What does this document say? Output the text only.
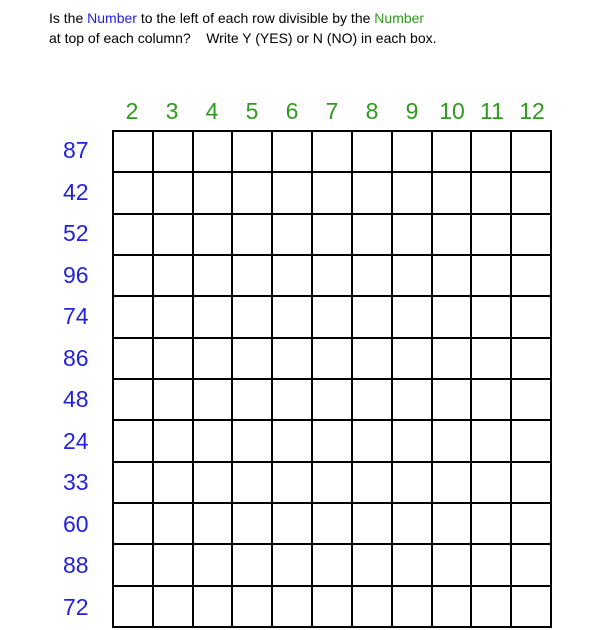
Is the Number to the left of each row divisible by the Number
at top of each column?    Write Y (YES) or N (NO) in each box.
2	3	4	5	6	7	8	9 10 11 12
87
42
52
96
74
86
48
24
33
60
88
72
